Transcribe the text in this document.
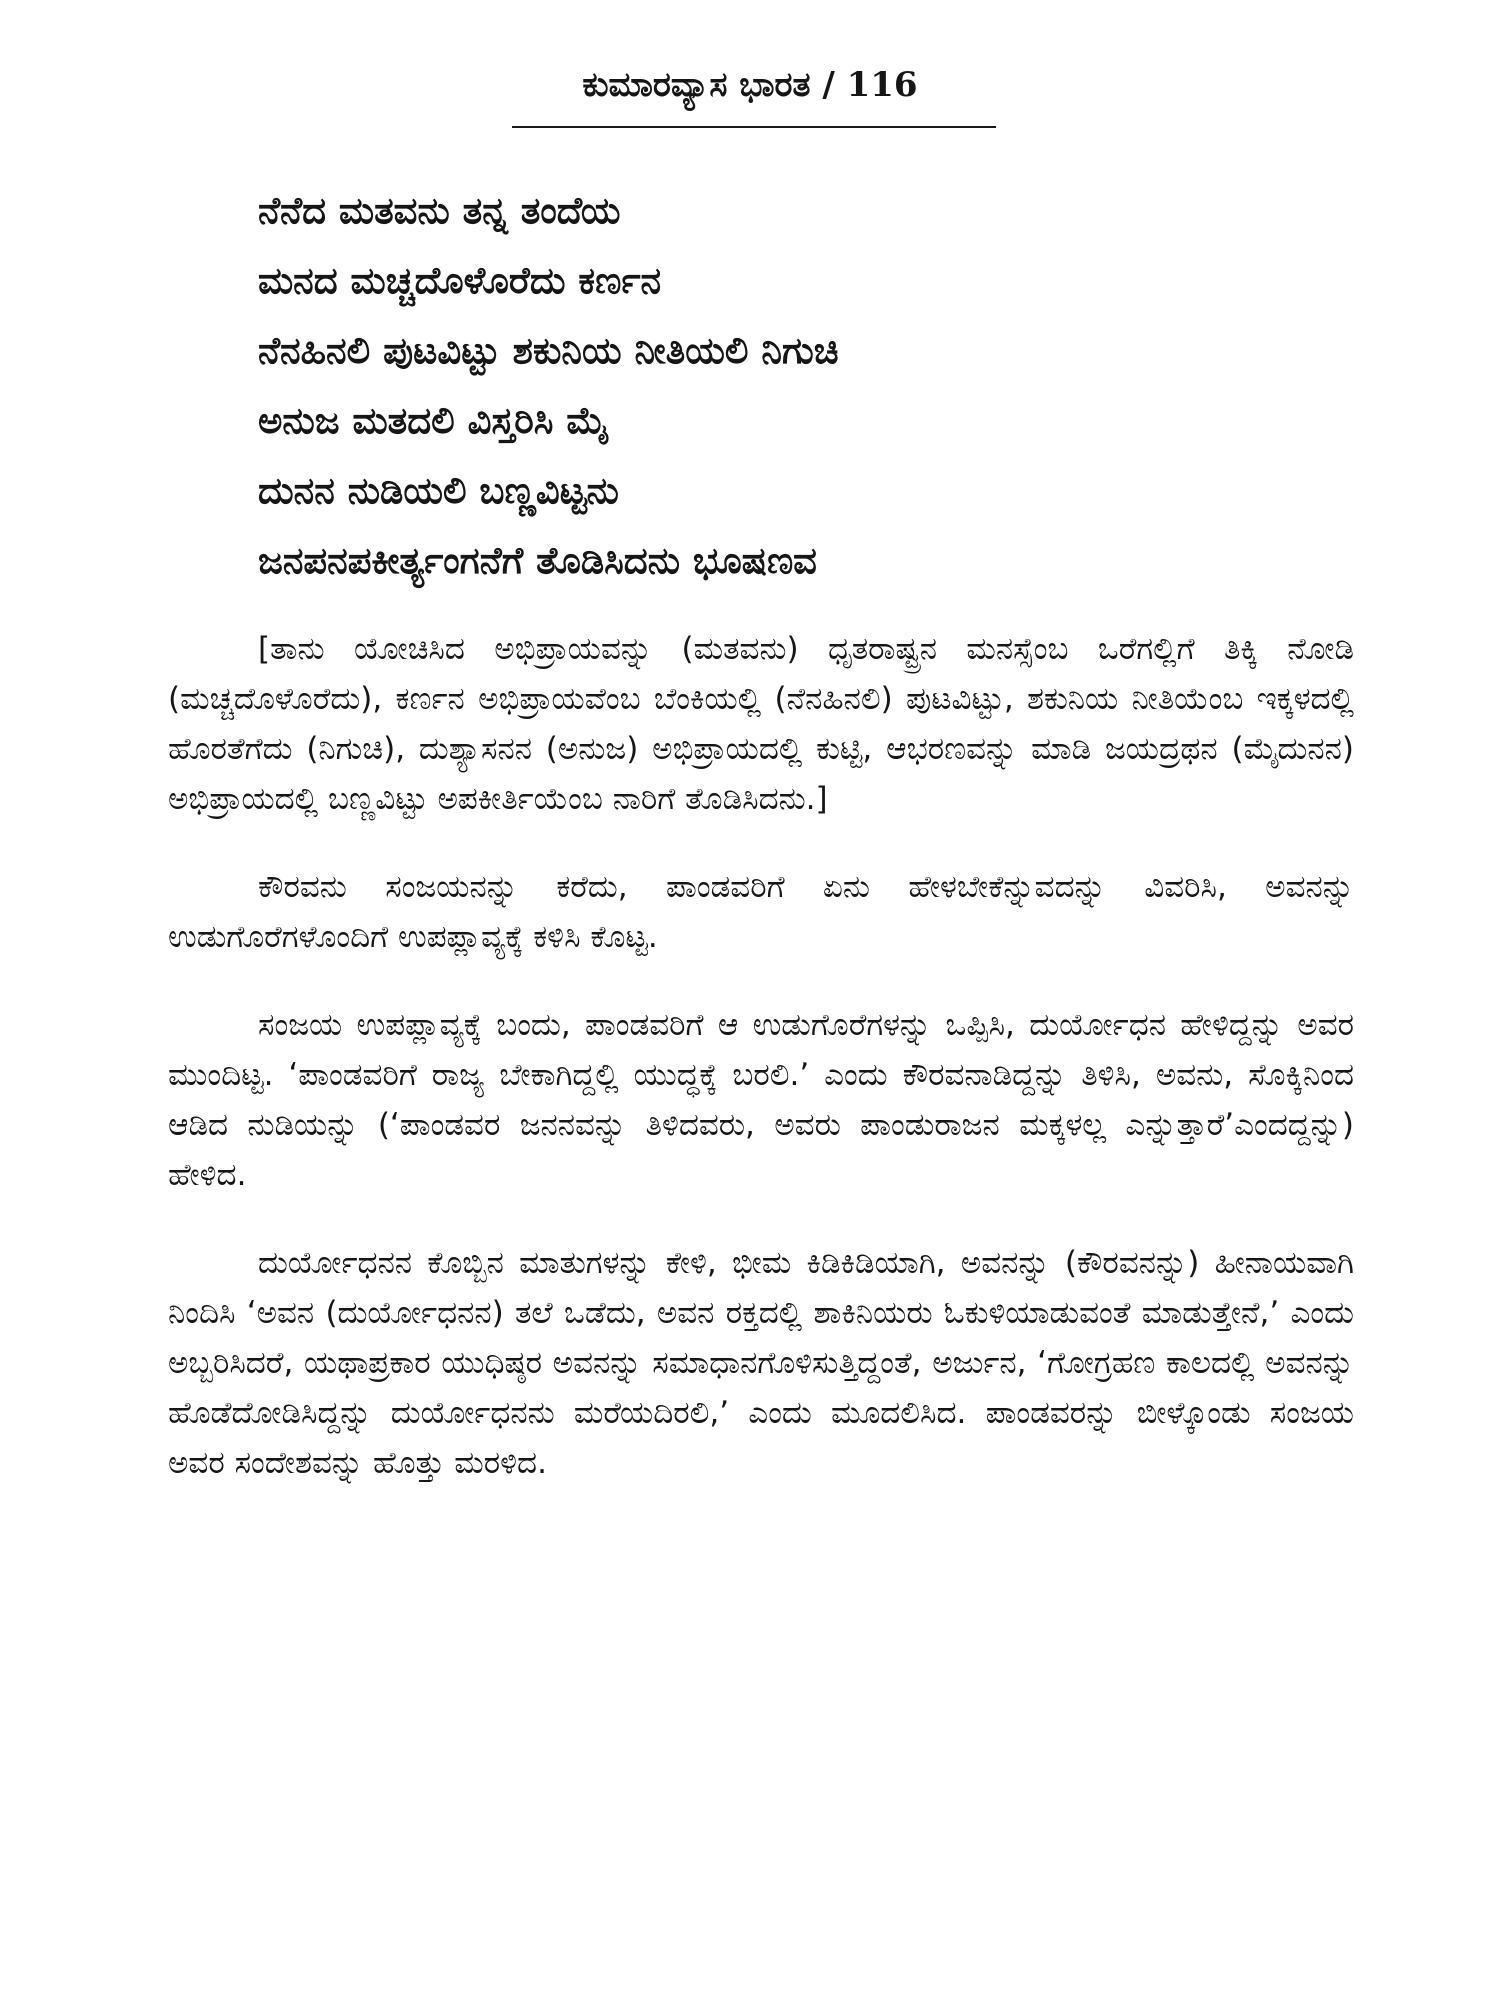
ಕುಮಾರವ್ಯಾಸ ಭಾರತ / 116

ನೆನೆದ ಮತವನು ತನ್ನ ತಂದೆಯ

ಮನದ ಮಚ್ಚದೊಳೊರೆದು ಕರ್ಣನ

ನೆನಹಿನಲಿ ಪುಟವಿಟ್ಟು ಶಕುನಿಯ ನೀತಿಯಲಿ ನಿಗುಚಿ

ಅನುಜ ಮತದಲಿ ವಿಸ್ತರಿಸಿ ಮೈ

ದುನನ ನುಡಿಯಲಿ ಬಣ್ಣವಿಟ್ಟನು

ಜನಪನಪಕೀರ್ತ್ಯಂಗನೆಗೆ ತೊಡಿಸಿದನು ಭೂಷಣವ

[ತಾನು ಯೋಚಿಸಿದ ಅಭಿಪ್ರಾಯವನ್ನು (ಮತವನು) ಧೃತರಾಷ್ಟ್ರನ ಮನಸ್ಸೆಂಬ ಒರೆಗಲ್ಲಿಗೆ ತಿಕ್ಕಿ ನೋಡಿ (ಮಚ್ಚದೊಳೊರೆದು), ಕರ್ಣನ ಅಭಿಪ್ರಾಯವೆಂಬ ಬೆಂಕಿಯಲ್ಲಿ (ನೆನಹಿನಲಿ) ಪುಟವಿಟ್ಟು, ಶಕುನಿಯ ನೀತಿಯೆಂಬ ಇಕ್ಕಳದಲ್ಲಿ ಹೊರತೆಗೆದು (ನಿಗುಚಿ), ದುಶ್ಯಾಸನನ (ಅನುಜ) ಅಭಿಪ್ರಾಯದಲ್ಲಿ ಕುಟ್ಟಿ, ಆಭರಣವನ್ನು ಮಾಡಿ ಜಯದ್ರಥನ (ಮೈದುನನ) ಅಭಿಪ್ರಾಯದಲ್ಲಿ ಬಣ್ಣವಿಟ್ಟು ಅಪಕೀರ್ತಿಯೆಂಬ ನಾರಿಗೆ ತೊಡಿಸಿದನು.]

ಕೌರವನು ಸಂಜಯನನ್ನು ಕರೆದು, ಪಾಂಡವರಿಗೆ ಏನು ಹೇಳಬೇಕೆನ್ನುವದನ್ನು ವಿವರಿಸಿ, ಅವನನ್ನು ಉಡುಗೊರೆಗಳೊಂದಿಗೆ ಉಪಪ್ಲಾವ್ಯಕ್ಕೆ ಕಳಿಸಿ ಕೊಟ್ಟ.

ಸಂಜಯ ಉಪಪ್ಲಾವ್ಯಕ್ಕೆ ಬಂದು, ಪಾಂಡವರಿಗೆ ಆ ಉಡುಗೊರೆಗಳನ್ನು ಒಪ್ಪಿಸಿ, ದುರ್ಯೋಧನ ಹೇಳಿದ್ದನ್ನು ಅವರ ಮುಂದಿಟ್ಟ. ‘ಪಾಂಡವರಿಗೆ ರಾಜ್ಯ ಬೇಕಾಗಿದ್ದಲ್ಲಿ ಯುದ್ಧಕ್ಕೆ ಬರಲಿ.’ ಎಂದು ಕೌರವನಾಡಿದ್ದನ್ನು ತಿಳಿಸಿ, ಅವನು, ಸೊಕ್ಕಿನಿಂದ ಆಡಿದ ನುಡಿಯನ್ನು (‘ಪಾಂಡವರ ಜನನವನ್ನು ತಿಳಿದವರು, ಅವರು ಪಾಂಡುರಾಜನ ಮಕ್ಕಳಲ್ಲ ಎನ್ನುತ್ತಾರೆ’ಎಂದದ್ದನ್ನು) ಹೇಳಿದ.

ದುರ್ಯೋಧನನ ಕೊಬ್ಬಿನ ಮಾತುಗಳನ್ನು ಕೇಳಿ, ಭೀಮ ಕಿಡಿಕಿಡಿಯಾಗಿ, ಅವನನ್ನು (ಕೌರವನನ್ನು) ಹೀನಾಯವಾಗಿ ನಿಂದಿಸಿ ‘ಅವನ (ದುರ್ಯೋಧನನ) ತಲೆ ಒಡೆದು, ಅವನ ರಕ್ತದಲ್ಲಿ ಶಾಕಿನಿಯರು ಓಕುಳಿಯಾಡುವಂತೆ ಮಾಡುತ್ತೇನೆ,’ ಎಂದು ಅಬ್ಬರಿಸಿದರೆ, ಯಥಾಪ್ರಕಾರ ಯುಧಿಷ್ಠರ ಅವನನ್ನು ಸಮಾಧಾನಗೊಳಿಸುತ್ತಿದ್ದಂತೆ, ಅರ್ಜುನ, ‘ಗೋಗ್ರಹಣ ಕಾಲದಲ್ಲಿ ಅವನನ್ನು ಹೊಡೆದೋಡಿಸಿದ್ದನ್ನು ದುರ್ಯೋಧನನು ಮರೆಯದಿರಲಿ,’ ಎಂದು ಮೂದಲಿಸಿದ. ಪಾಂಡವರನ್ನು ಬೀಳ್ಕೊಂಡು ಸಂಜಯ ಅವರ ಸಂದೇಶವನ್ನು ಹೊತ್ತು ಮರಳಿದ.
